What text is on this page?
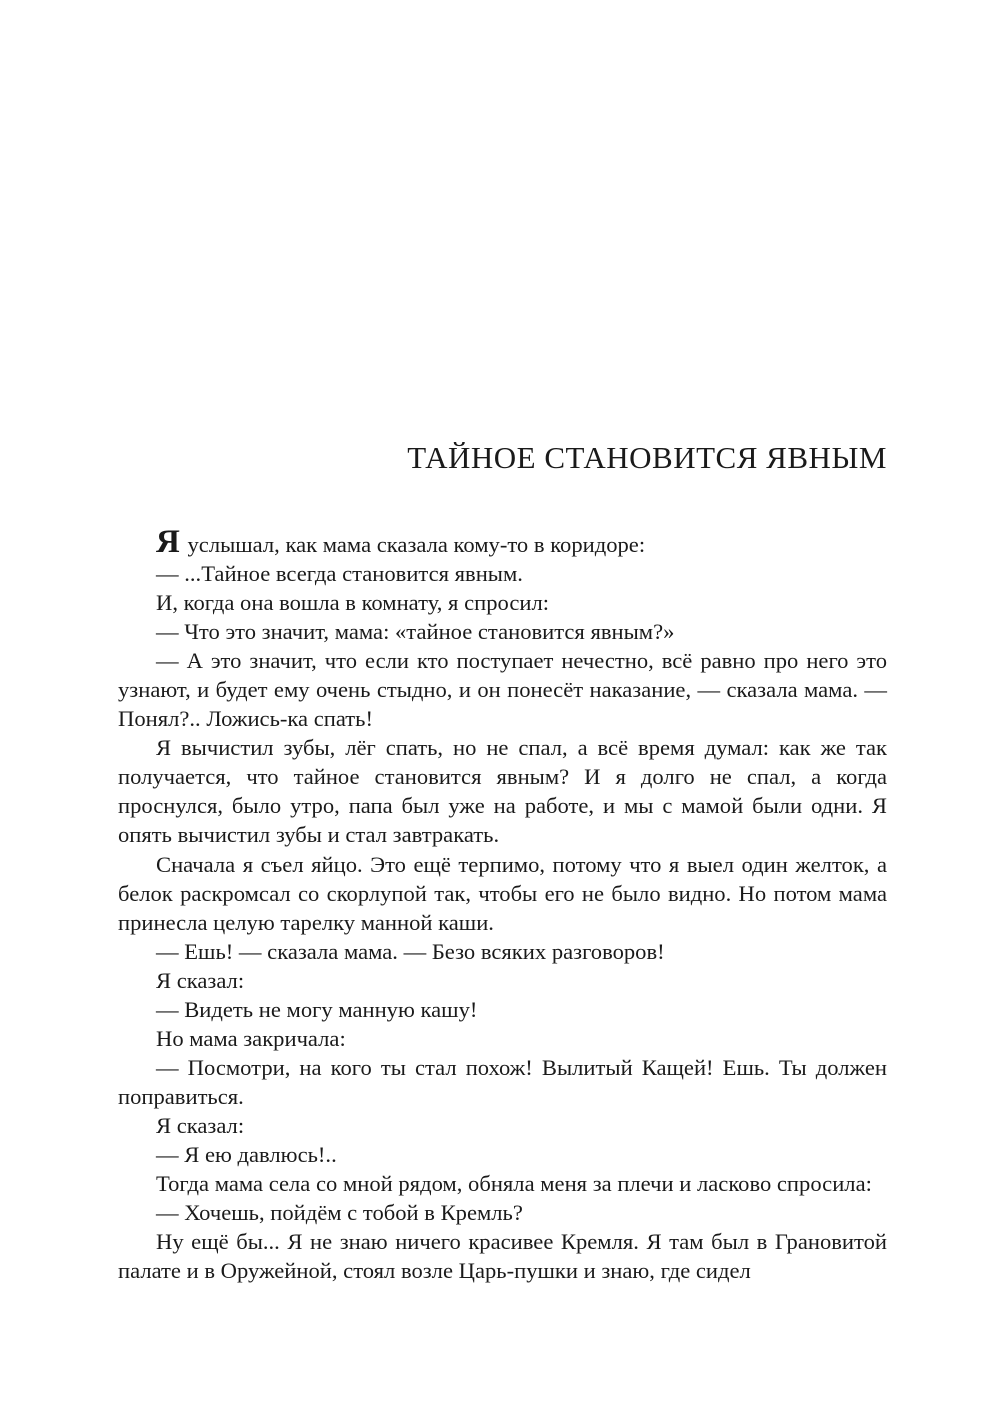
ТАЙНОЕ СТАНОВИТСЯ ЯВНЫМ

Я услышал, как мама сказала кому-то в коридоре:

— ...Тайное всегда становится явным.

И, когда она вошла в комнату, я спросил:

— Что это значит, мама: «тайное становится явным?»

— А это значит, что если кто поступает нечестно, всё равно про него это узнают, и будет ему очень стыдно, и он понесёт наказание, — сказала мама. — Понял?.. Ложись-ка спать!

Я вычистил зубы, лёг спать, но не спал, а всё время думал: как же так получается, что тайное становится явным? И я долго не спал, а когда проснулся, было утро, папа был уже на работе, и мы с мамой были одни. Я опять вычистил зубы и стал завтракать.

Сначала я съел яйцо. Это ещё терпимо, потому что я выел один желток, а белок раскромсал со скорлупой так, чтобы его не было видно. Но потом мама принесла целую тарелку манной каши.

— Ешь! — сказала мама. — Безо всяких разговоров!

Я сказал:

— Видеть не могу манную кашу!

Но мама закричала:

— Посмотри, на кого ты стал похож! Вылитый Кащей! Ешь. Ты должен поправиться.

Я сказал:

— Я ею давлюсь!..

Тогда мама села со мной рядом, обняла меня за плечи и ласково спросила:

— Хочешь, пойдём с тобой в Кремль?

Ну ещё бы... Я не знаю ничего красивее Кремля. Я там был в Грановитой палате и в Оружейной, стоял возле Царь-пушки и знаю, где сидел
